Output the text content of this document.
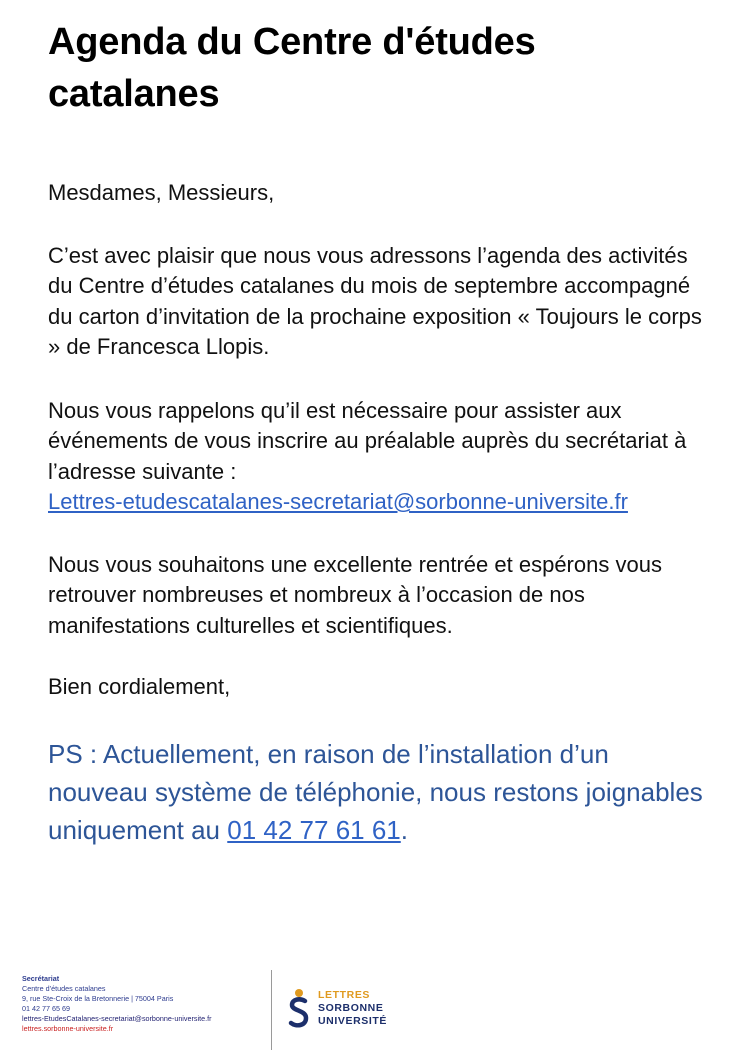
Agenda du Centre d'études catalanes

Mesdames, Messieurs,

C’est avec plaisir que nous vous adressons l’agenda des activités du Centre d’études catalanes du mois de septembre accompagné du carton d’invitation de la prochaine exposition « Toujours le corps » de Francesca Llopis.

Nous vous rappelons qu’il est nécessaire pour assister aux événements de vous inscrire au préalable auprès du secrétariat à l’adresse suivante :
Lettres-etudescatalanes-secretariat@sorbonne-universite.fr

Nous vous souhaitons une excellente rentrée et espérons vous retrouver nombreuses et nombreux à l’occasion de nos manifestations culturelles et scientifiques.

Bien cordialement,

PS : Actuellement, en raison de l’installation d’un nouveau système de téléphonie, nous restons joignables uniquement au 01 42 77 61 61.

Secrétariat
Centre d’études catalanes
9, rue Ste-Croix de la Bretonnerie | 75004 Paris
01 42 77 65 69
lettres-EtudesCatalanes-secretariat@sorbonne-universite.fr
lettres.sorbonne-universite.fr
LETTRES
SORBONNE
UNIVERSITÉ
